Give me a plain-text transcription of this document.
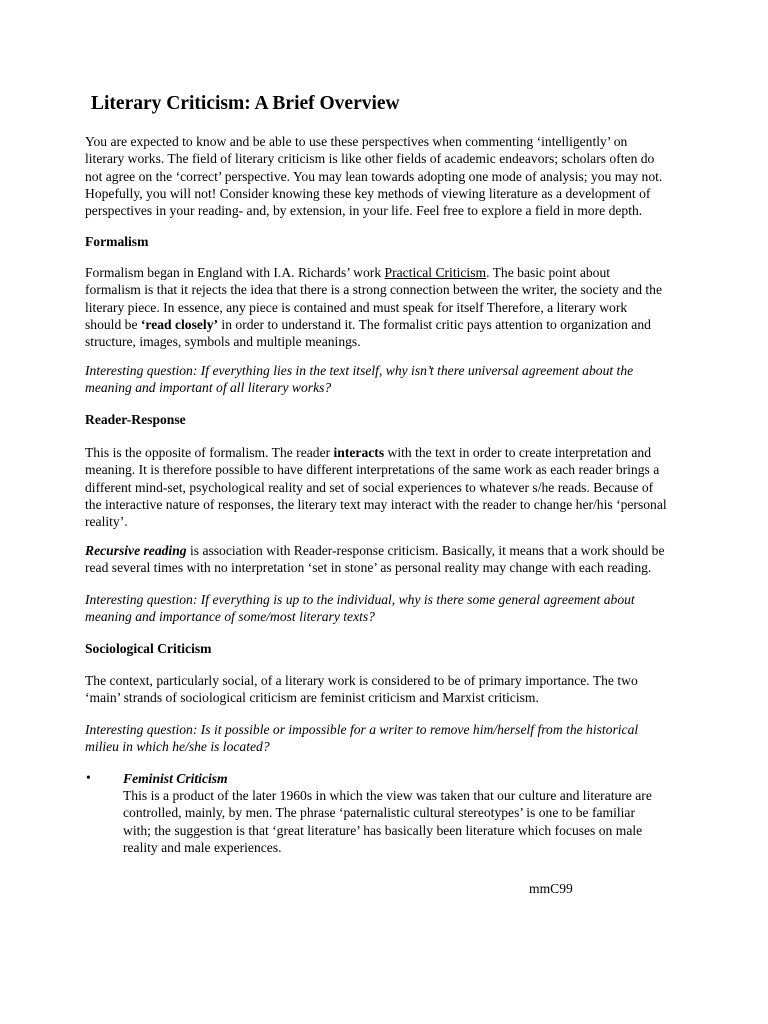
Literary Criticism: A Brief Overview
You are expected to know and be able to use these perspectives when commenting ‘intelligently’ on
literary works. The field of literary criticism is like other fields of academic endeavors; scholars often do
not agree on the ‘correct’ perspective. You may lean towards adopting one mode of analysis; you may not.
Hopefully, you will not! Consider knowing these key methods of viewing literature as a development of
perspectives in your reading- and, by extension, in your life. Feel free to explore a field in more depth.
Formalism
Formalism began in England with I.A. Richards’ work Practical Criticism. The basic point about
formalism is that it rejects the idea that there is a strong connection between the writer, the society and the
literary piece. In essence, any piece is contained and must speak for itself Therefore, a literary work
should be ‘read closely’ in order to understand it. The formalist critic pays attention to organization and
structure, images, symbols and multiple meanings.
Interesting question: If everything lies in the text itself, why isn’t there universal agreement about the
meaning and important of all literary works?
Reader-Response
This is the opposite of formalism. The reader interacts with the text in order to create interpretation and
meaning. It is therefore possible to have different interpretations of the same work as each reader brings a
different mind-set, psychological reality and set of social experiences to whatever s/he reads. Because of
the interactive nature of responses, the literary text may interact with the reader to change her/his ‘personal
reality’.
Recursive reading is association with Reader-response criticism. Basically, it means that a work should be
read several times with no interpretation ‘set in stone’ as personal reality may change with each reading.
Interesting question: If everything is up to the individual, why is there some general agreement about
meaning and importance of some/most literary texts?
Sociological Criticism
The context, particularly social, of a literary work is considered to be of primary importance. The two
‘main’ strands of sociological criticism are feminist criticism and Marxist criticism.
Interesting question: Is it possible or impossible for a writer to remove him/herself from the historical
milieu in which he/she is located?
• Feminist Criticism
This is a product of the later 1960s in which the view was taken that our culture and literature are
controlled, mainly, by men. The phrase ‘paternalistic cultural stereotypes’ is one to be familiar
with; the suggestion is that ‘great literature’ has basically been literature which focuses on male
reality and male experiences.
mmC99
